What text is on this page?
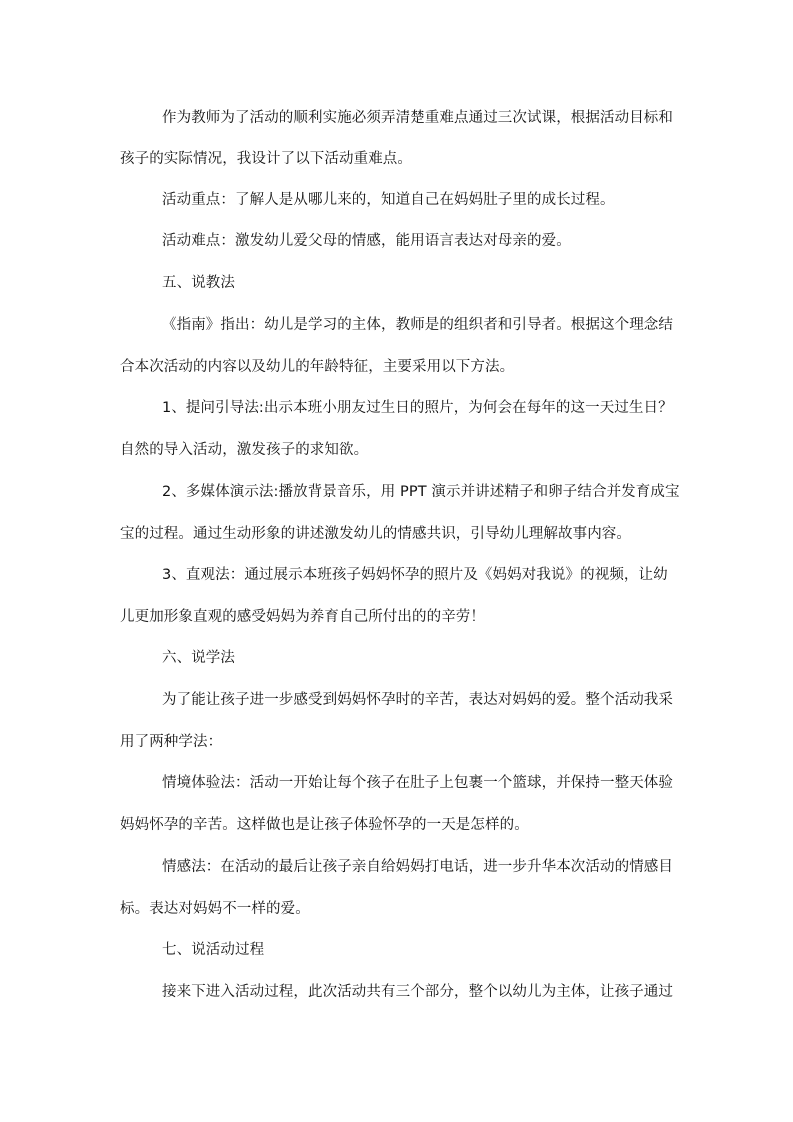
作为教师为了活动的顺利实施必须弄清楚重难点通过三次试课，根据活动目标和
孩子的实际情况，我设计了以下活动重难点。
活动重点：了解人是从哪儿来的，知道自己在妈妈肚子里的成长过程。
活动难点：激发幼儿爱父母的情感，能用语言表达对母亲的爱。
五、说教法
《指南》指出：幼儿是学习的主体，教师是的组织者和引导者。根据这个理念结
合本次活动的内容以及幼儿的年龄特征，主要采用以下方法。
1、提问引导法:出示本班小朋友过生日的照片，为何会在每年的这一天过生日？
自然的导入活动，激发孩子的求知欲。
2、多媒体演示法:播放背景音乐，用 PPT 演示并讲述精子和卵子结合并发育成宝
宝的过程。通过生动形象的讲述激发幼儿的情感共识，引导幼儿理解故事内容。
3、直观法：通过展示本班孩子妈妈怀孕的照片及《妈妈对我说》的视频，让幼
儿更加形象直观的感受妈妈为养育自己所付出的的辛劳！
六、说学法
为了能让孩子进一步感受到妈妈怀孕时的辛苦，表达对妈妈的爱。整个活动我采
用了两种学法：
情境体验法：活动一开始让每个孩子在肚子上包裹一个篮球，并保持一整天体验
妈妈怀孕的辛苦。这样做也是让孩子体验怀孕的一天是怎样的。
情感法：在活动的最后让孩子亲自给妈妈打电话，进一步升华本次活动的情感目
标。表达对妈妈不一样的爱。
七、说活动过程
接来下进入活动过程，此次活动共有三个部分，整个以幼儿为主体，让孩子通过
